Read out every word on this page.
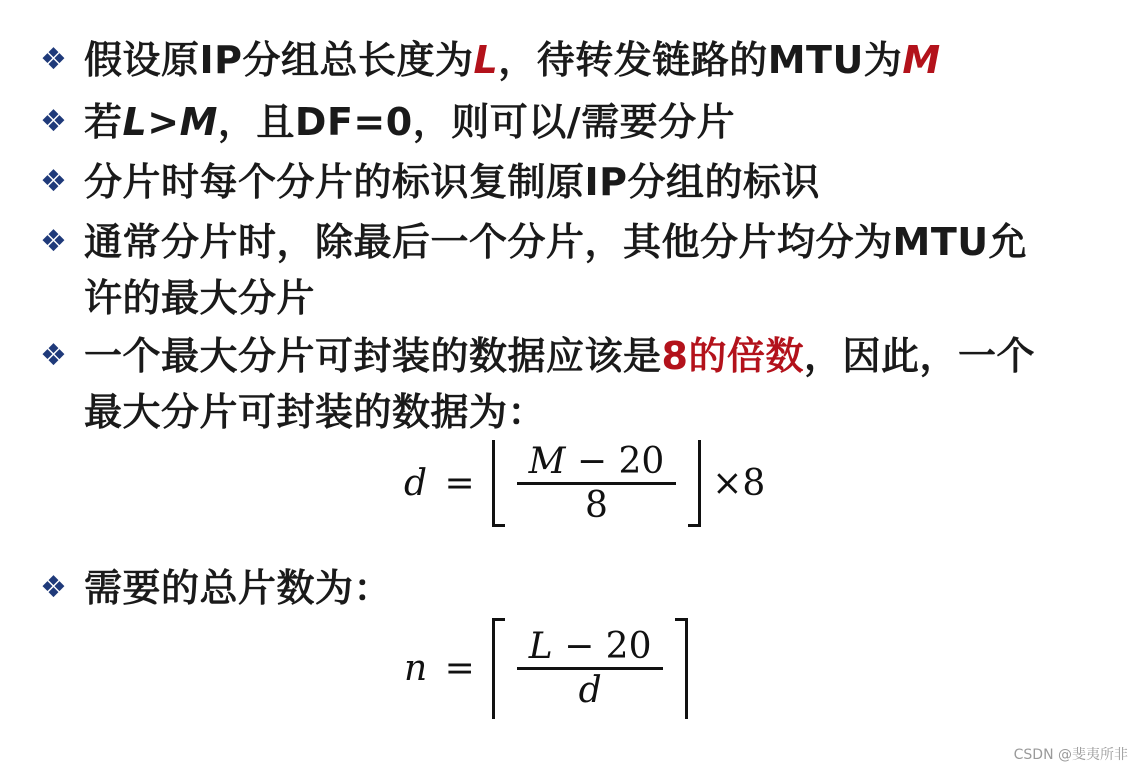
❖ 假设原IP分组总长度为L，待转发链路的MTU为M
❖ 若L>M，且DF=0，则可以/需要分片
❖ 分片时每个分片的标识复制原IP分组的标识
❖ 通常分片时，除最后一个分片，其他分片均分为MTU允
许的最大分片
❖ 一个最大分片可封装的数据应该是8的倍数，因此，一个
最大分片可封装的数据为：
$d = \frac{M - 20}{8} \times 8$
❖ 需要的总片数为：
$n = \frac{L - 20}{d}$

CSDN @斐夷所非
